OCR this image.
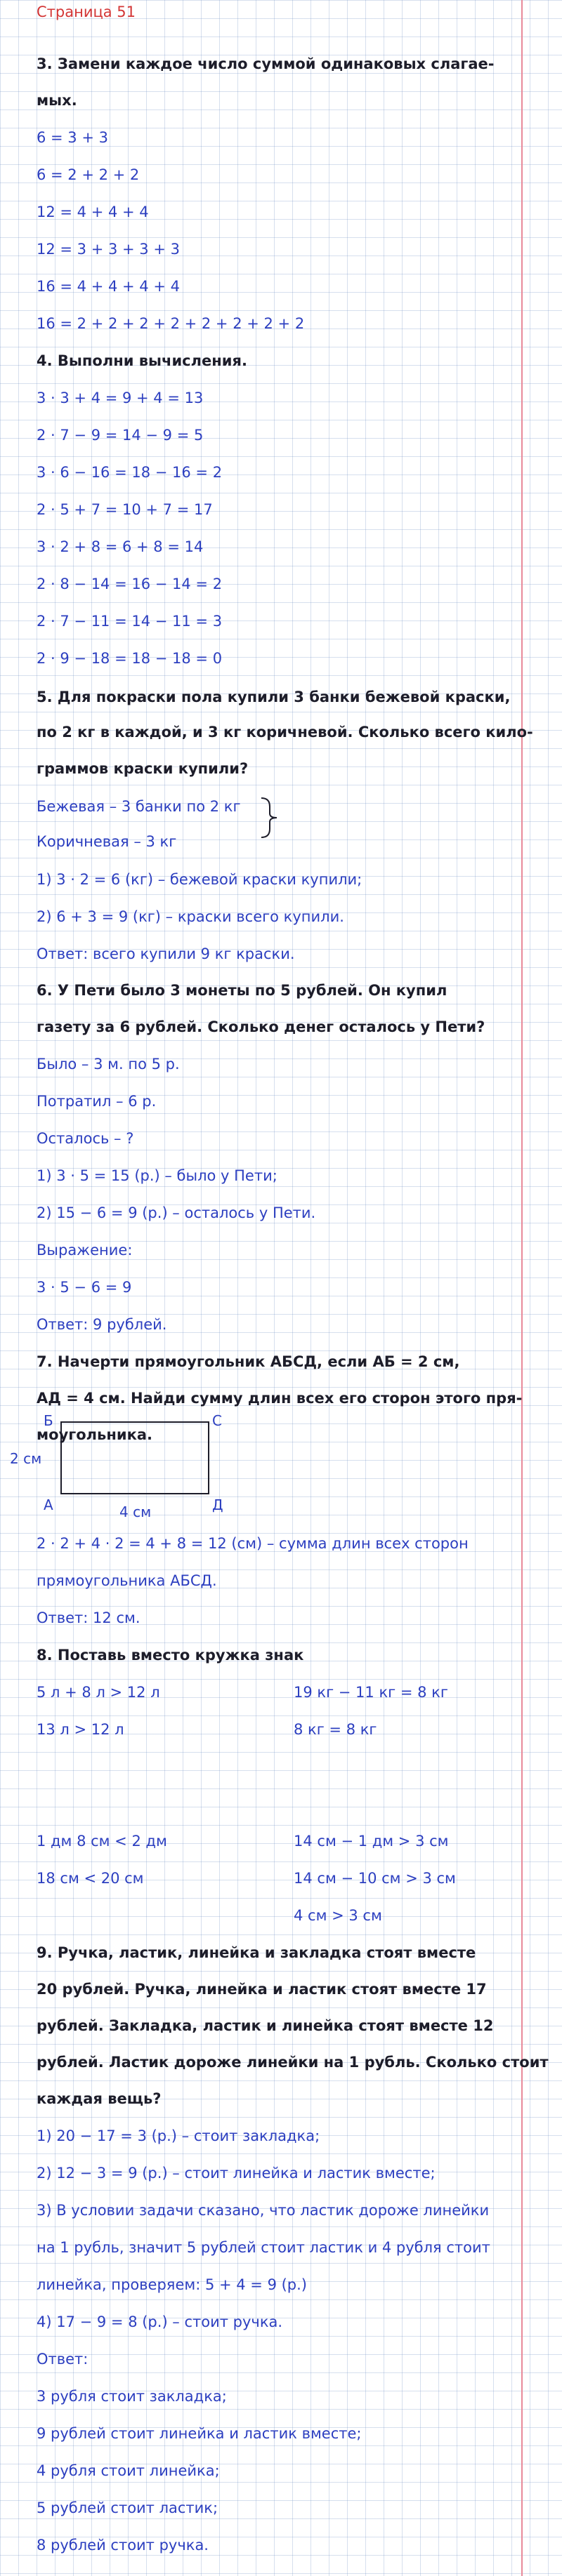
Страница 51
3. Замени каждое число суммой одинаковых слагае-
мых.
6 = 3 + 3
6 = 2 + 2 + 2
12 = 4 + 4 + 4
12 = 3 + 3 + 3 + 3
16 = 4 + 4 + 4 + 4
16 = 2 + 2 + 2 + 2 + 2 + 2 + 2 + 2
4. Выполни вычисления.
3 · 3 + 4 = 9 + 4 = 13
2 · 7 − 9 = 14 − 9 = 5
3 · 6 − 16 = 18 − 16 = 2
2 · 5 + 7 = 10 + 7 = 17
3 · 2 + 8 = 6 + 8 = 14
2 · 8 − 14 = 16 − 14 = 2
2 · 7 − 11 = 14 − 11 = 3
2 · 9 − 18 = 18 − 18 = 0
5. Для покраски пола купили 3 банки бежевой краски,
по 2 кг в каждой, и 3 кг коричневой. Сколько всего кило-
граммов краски купили?
Бежевая – 3 банки по 2 кг
Коричневая – 3 кг
1) 3 · 2 = 6 (кг) – бежевой краски купили;
2) 6 + 3 = 9 (кг) – краски всего купили.
Ответ: всего купили 9 кг краски.
6. У Пети было 3 монеты по 5 рублей. Он купил
газету за 6 рублей. Сколько денег осталось у Пети?
Было – 3 м. по 5 р.
Потратил – 6 р.
Осталось – ?
1) 3 · 5 = 15 (р.) – было у Пети;
2) 15 − 6 = 9 (р.) – осталось у Пети.
Выражение:
3 · 5 − 6 = 9
Ответ: 9 рублей.
7. Начерти прямоугольник АБСД, если АБ = 2 см,
АД = 4 см. Найди сумму длин всех его сторон этого пря-
моугольника.
Б	С
А	Д
2 см
4 см
2 · 2 + 4 · 2 = 4 + 8 = 12 (см) – сумма длин всех сторон
прямоугольника АБСД.
Ответ: 12 см.
8. Поставь вместо кружка знак
5 л + 8 л > 12 л
13 л > 12 л
1 дм 8 см < 2 дм
18 см < 20 см
19 кг − 11 кг = 8 кг
8 кг = 8 кг
14 см − 1 дм > 3 см
14 см − 10 см > 3 см
4 см > 3 см
9. Ручка, ластик, линейка и закладка стоят вместе
20 рублей. Ручка, линейка и ластик стоят вместе 17
рублей. Закладка, ластик и линейка стоят вместе 12
рублей. Ластик дороже линейки на 1 рубль. Сколько стоит
каждая вещь?
1) 20 − 17 = 3 (р.) – стоит закладка;
2) 12 − 3 = 9 (р.) – стоит линейка и ластик вместе;
3) В условии задачи сказано, что ластик дороже линейки
на 1 рубль, значит 5 рублей стоит ластик и 4 рубля стоит
линейка, проверяем: 5 + 4 = 9 (р.)
4) 17 − 9 = 8 (р.) – стоит ручка.
Ответ:
3 рубля стоит закладка;
9 рублей стоит линейка и ластик вместе;
4 рубля стоит линейка;
5 рублей стоит ластик;
8 рублей стоит ручка.
